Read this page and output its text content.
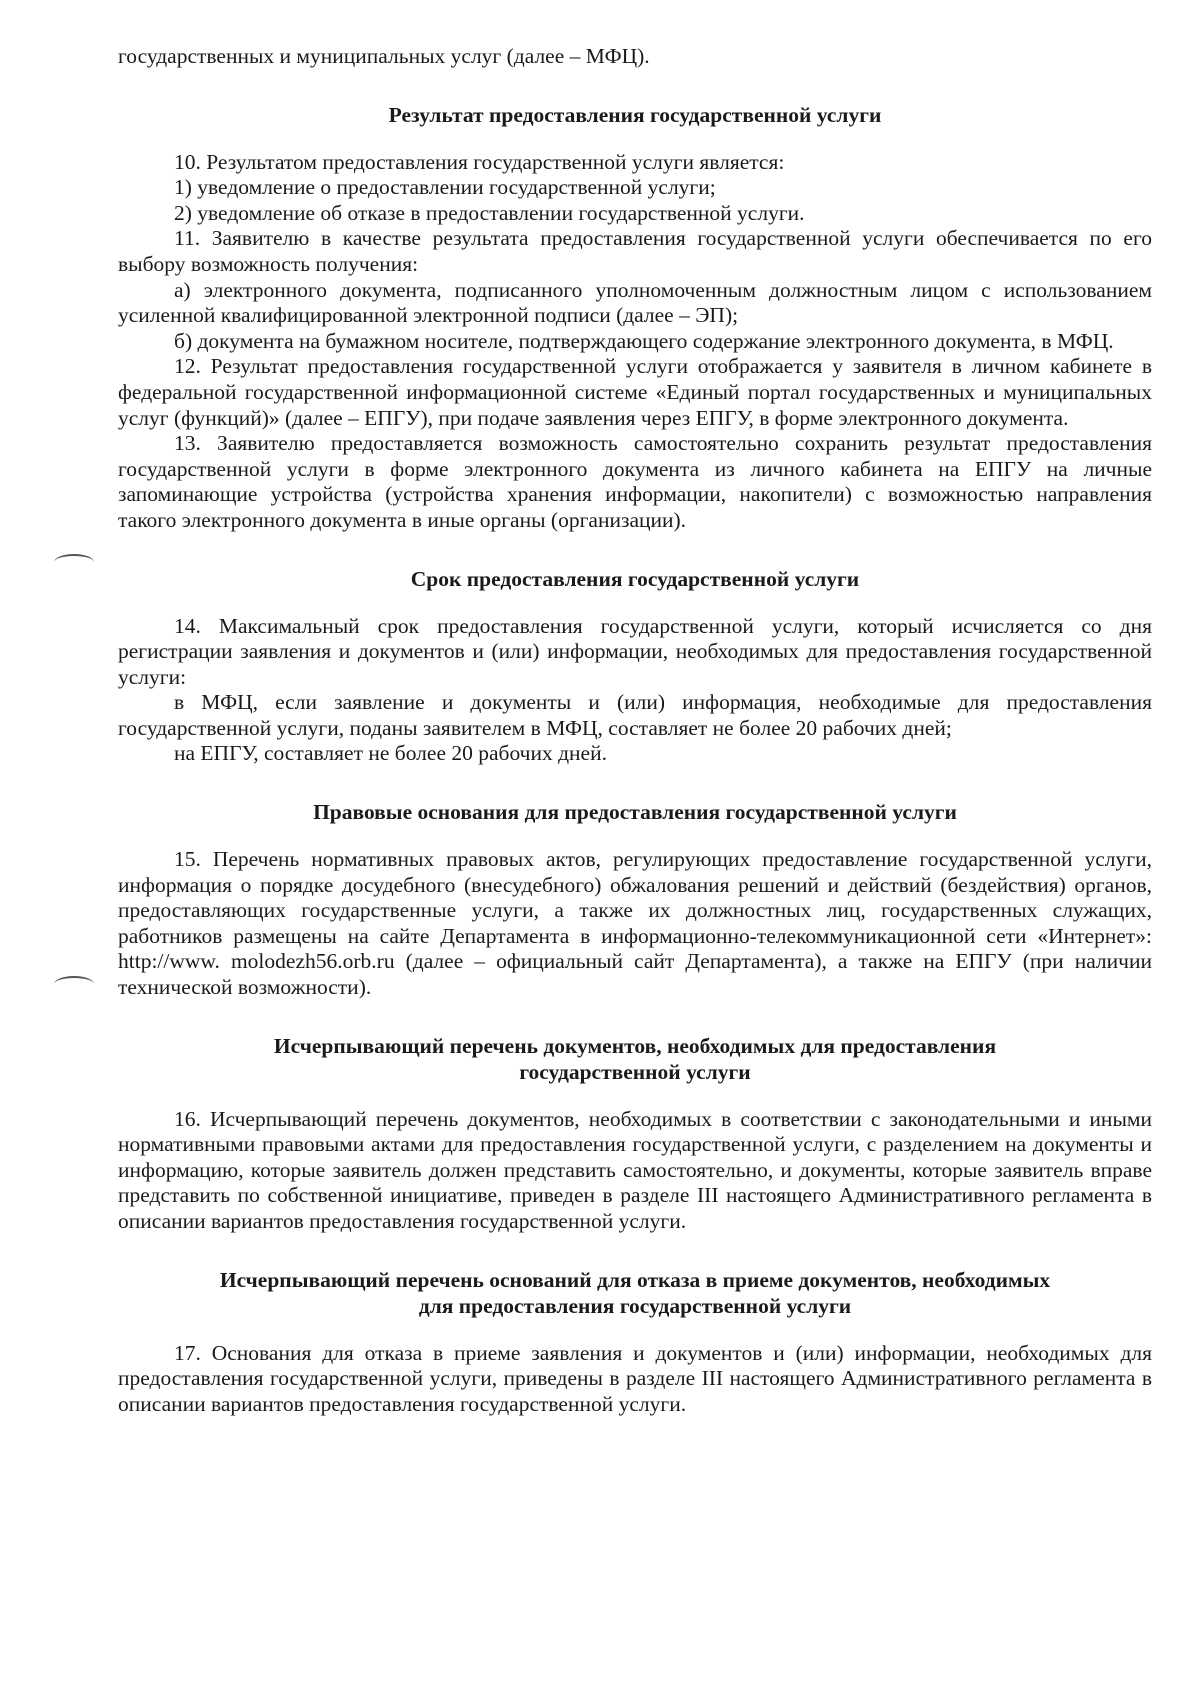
государственных и муниципальных услуг (далее – МФЦ).

Результат предоставления государственной услуги

10. Результатом предоставления государственной услуги является:

1) уведомление о предоставлении государственной услуги;

2) уведомление об отказе в предоставлении государственной услуги.

11. Заявителю в качестве результата предоставления государственной услуги обеспечивается по его выбору возможность получения:

а) электронного документа, подписанного уполномоченным должностным лицом с использованием усиленной квалифицированной электронной подписи (далее – ЭП);

б) документа на бумажном носителе, подтверждающего содержание электронного документа, в МФЦ.

12. Результат предоставления государственной услуги отображается у заявителя в личном кабинете в федеральной государственной информационной системе «Единый портал государственных и муниципальных услуг (функций)» (далее – ЕПГУ), при подаче заявления через ЕПГУ, в форме электронного документа.

13. Заявителю предоставляется возможность самостоятельно сохранить результат предоставления государственной услуги в форме электронного документа из личного кабинета на ЕПГУ на личные запоминающие устройства (устройства хранения информации, накопители) с возможностью направления такого электронного документа в иные органы (организации).

Срок предоставления государственной услуги

14. Максимальный срок предоставления государственной услуги, который исчисляется со дня регистрации заявления и документов и (или) информации, необходимых для предоставления государственной услуги:

в МФЦ, если заявление и документы и (или) информация, необходимые для предоставления государственной услуги, поданы заявителем в МФЦ, составляет не более 20 рабочих дней;

на ЕПГУ, составляет не более 20 рабочих дней.

Правовые основания для предоставления государственной услуги

15. Перечень нормативных правовых актов, регулирующих предоставление государственной услуги, информация о порядке досудебного (внесудебного) обжалования решений и действий (бездействия) органов, предоставляющих государственные услуги, а также их должностных лиц, государственных служащих, работников размещены на сайте Департамента в информационно-телекоммуникационной сети «Интернет»: http://www. molodezh56.orb.ru (далее – официальный сайт Департамента), а также на ЕПГУ (при наличии технической возможности).

Исчерпывающий перечень документов, необходимых для предоставления
государственной услуги

16. Исчерпывающий перечень документов, необходимых в соответствии с законодательными и иными нормативными правовыми актами для предоставления государственной услуги, с разделением на документы и информацию, которые заявитель должен представить самостоятельно, и документы, которые заявитель вправе представить по собственной инициативе, приведен в разделе III настоящего Административного регламента в описании вариантов предоставления государственной услуги.

Исчерпывающий перечень оснований для отказа в приеме документов, необходимых
для предоставления государственной услуги

17. Основания для отказа в приеме заявления и документов и (или) информации, необходимых для предоставления государственной услуги, приведены в разделе III настоящего Административного регламента в описании вариантов предоставления государственной услуги.
